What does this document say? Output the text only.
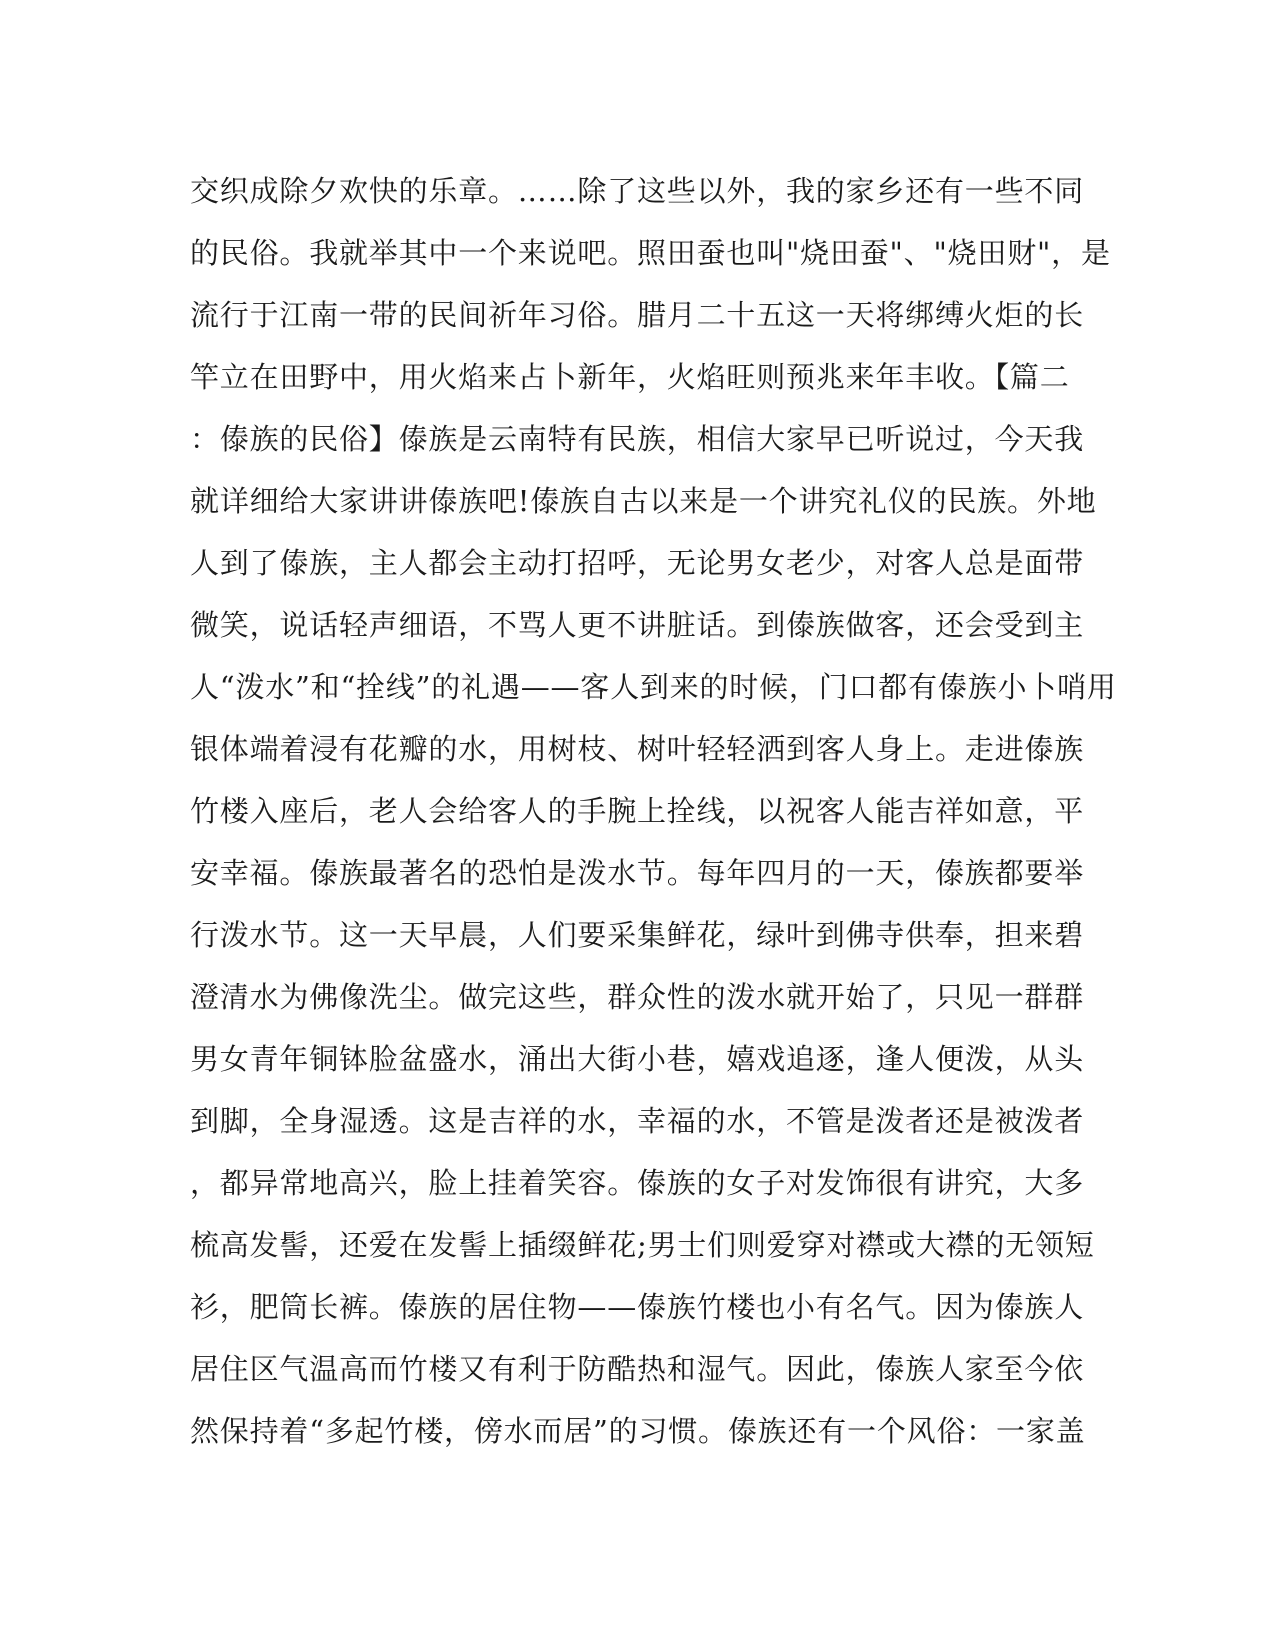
交织成除夕欢快的乐章。……除了这些以外，我的家乡还有一些不同
的民俗。我就举其中一个来说吧。照田蚕也叫"烧田蚕"、"烧田财"，是
流行于江南一带的民间祈年习俗。腊月二十五这一天将绑缚火炬的长
竿立在田野中，用火焰来占卜新年，火焰旺则预兆来年丰收。【篇二
：傣族的民俗】傣族是云南特有民族，相信大家早已听说过，今天我
就详细给大家讲讲傣族吧!傣族自古以来是一个讲究礼仪的民族。外地
人到了傣族，主人都会主动打招呼，无论男女老少，对客人总是面带
微笑，说话轻声细语，不骂人更不讲脏话。到傣族做客，还会受到主
人“泼水”和“拴线”的礼遇——客人到来的时候，门口都有傣族小卜哨用
银体端着浸有花瓣的水，用树枝、树叶轻轻洒到客人身上。走进傣族
竹楼入座后，老人会给客人的手腕上拴线，以祝客人能吉祥如意，平
安幸福。傣族最著名的恐怕是泼水节。每年四月的一天，傣族都要举
行泼水节。这一天早晨，人们要采集鲜花，绿叶到佛寺供奉，担来碧
澄清水为佛像洗尘。做完这些，群众性的泼水就开始了，只见一群群
男女青年铜钵脸盆盛水，涌出大街小巷，嬉戏追逐，逢人便泼，从头
到脚，全身湿透。这是吉祥的水，幸福的水，不管是泼者还是被泼者
，都异常地高兴，脸上挂着笑容。傣族的女子对发饰很有讲究，大多
梳高发髻，还爱在发髻上插缀鲜花;男士们则爱穿对襟或大襟的无领短
衫，肥筒长裤。傣族的居住物——傣族竹楼也小有名气。因为傣族人
居住区气温高而竹楼又有利于防酷热和湿气。因此，傣族人家至今依
然保持着“多起竹楼，傍水而居”的习惯。傣族还有一个风俗：一家盖
